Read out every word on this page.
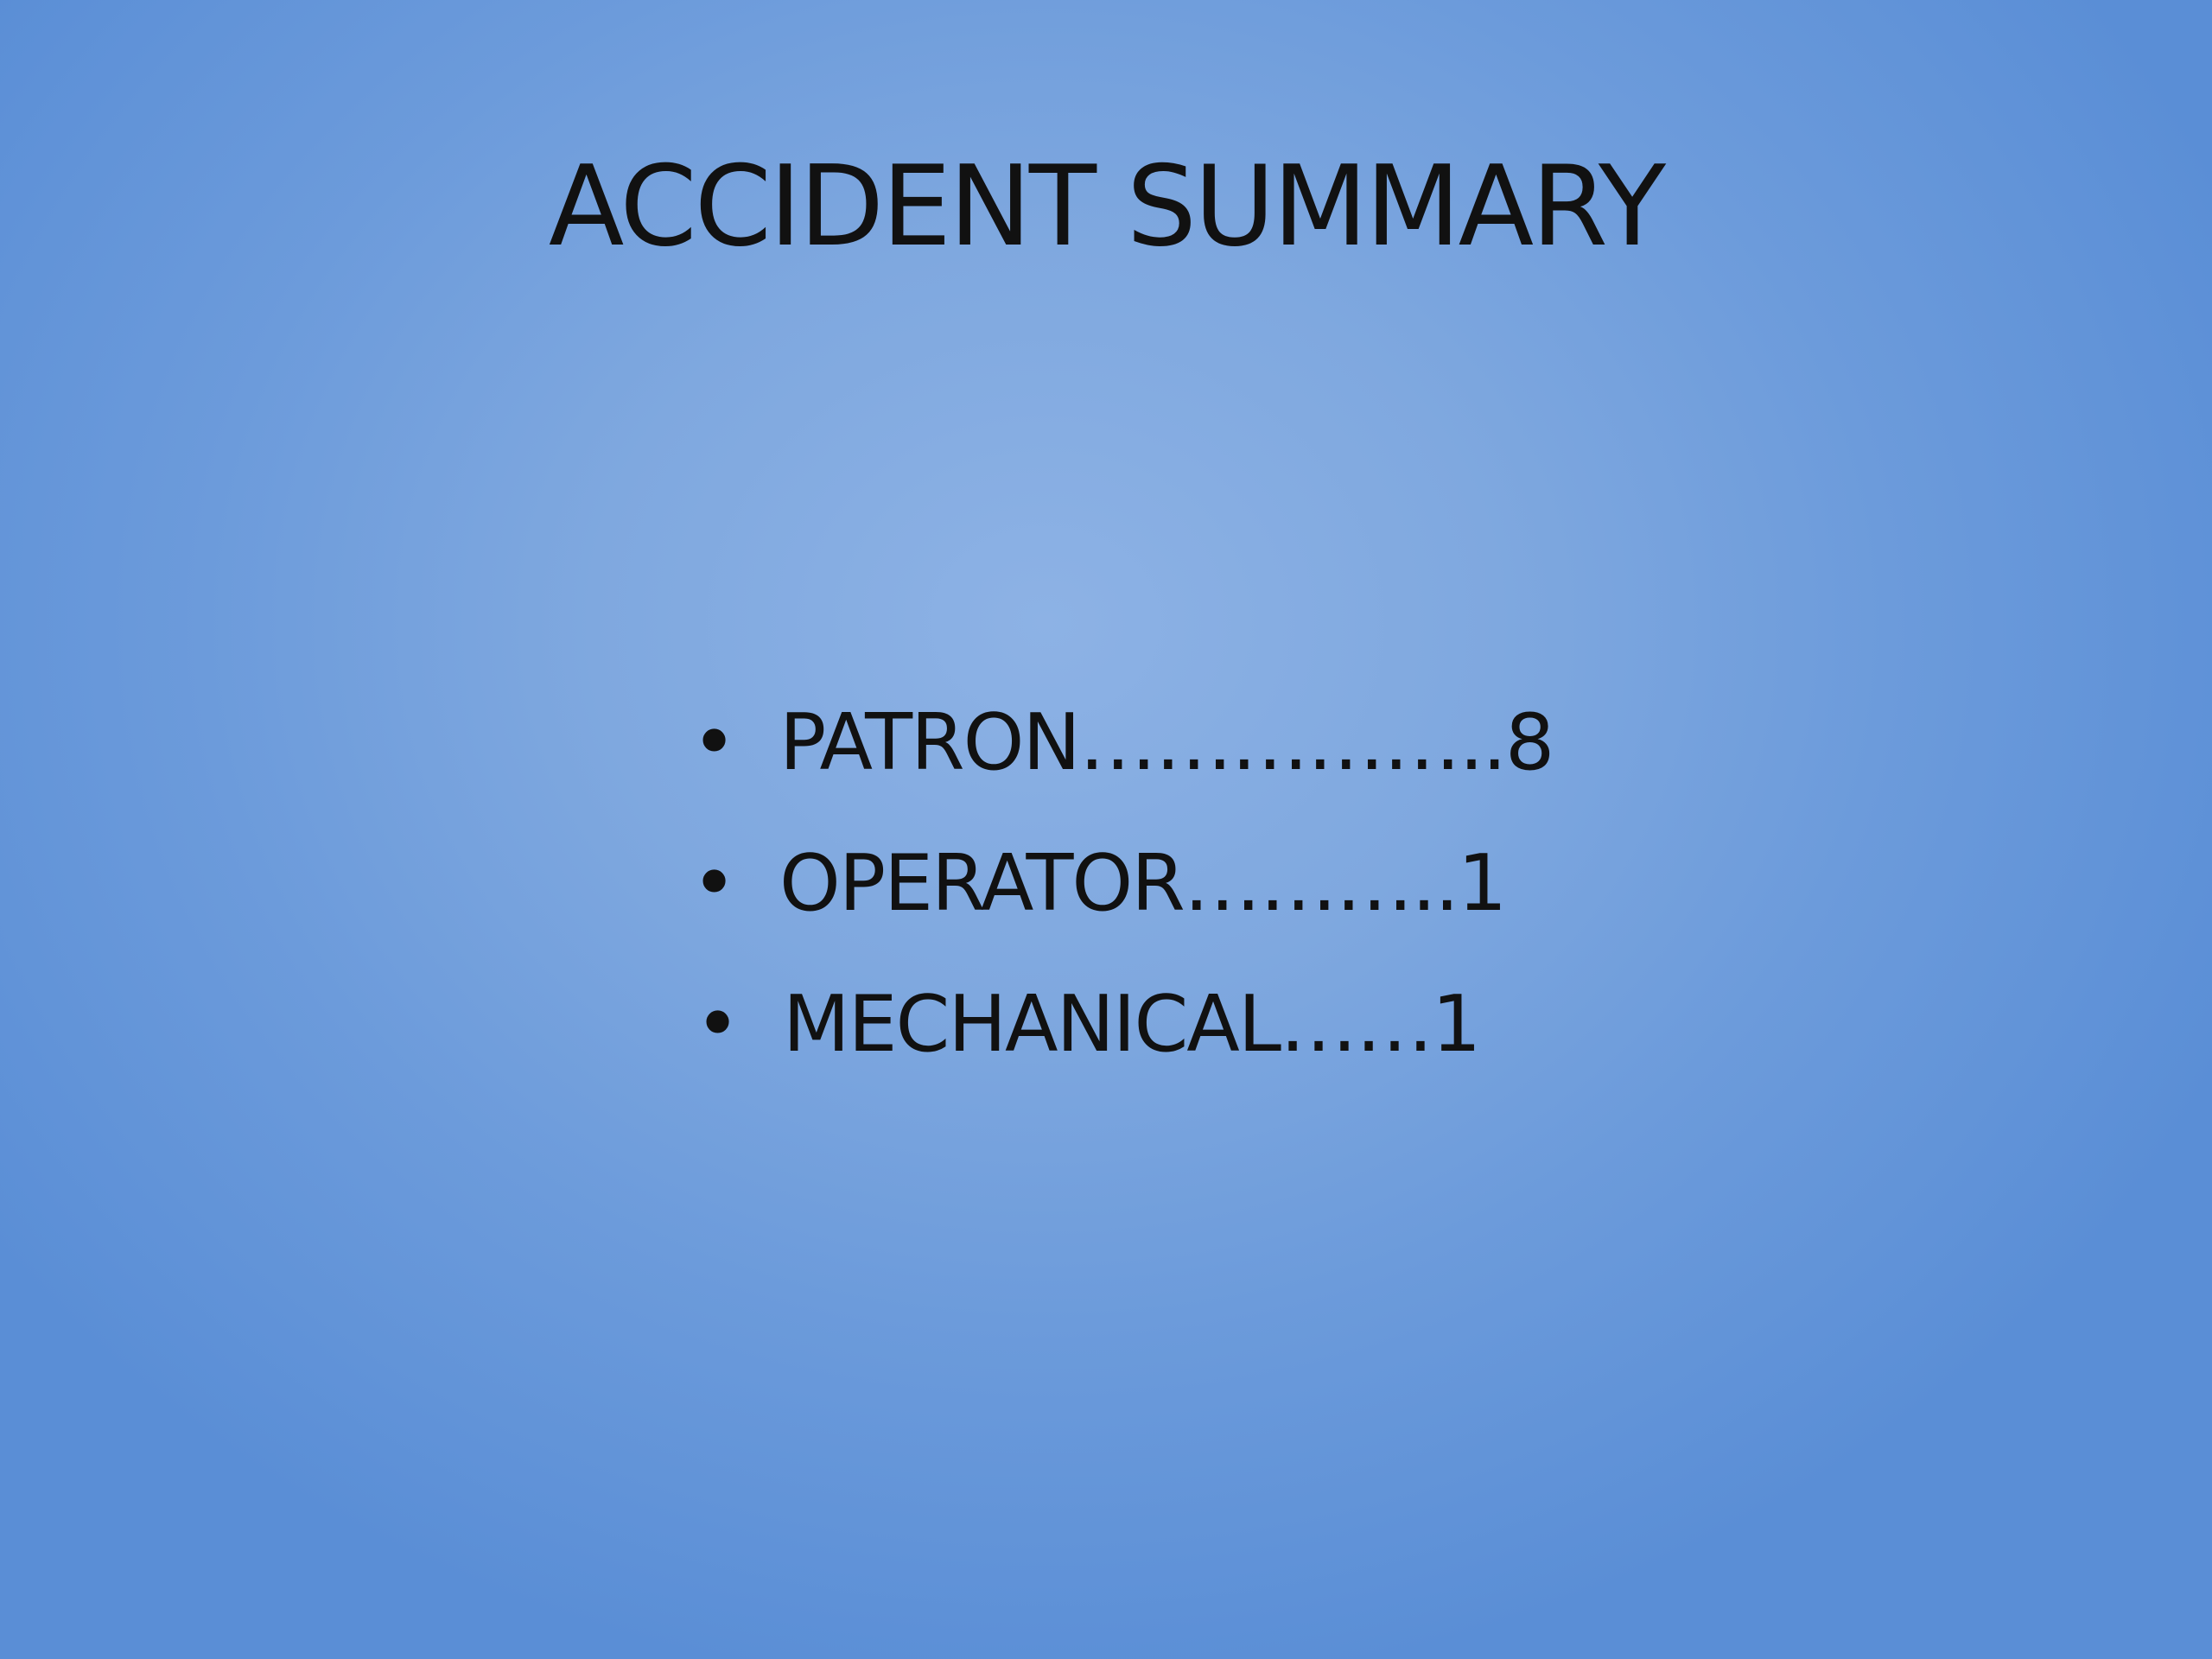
ACCIDENT SUMMARY
• PATRON……………..8
• OPERATOR………..1
• MECHANICAL……1
